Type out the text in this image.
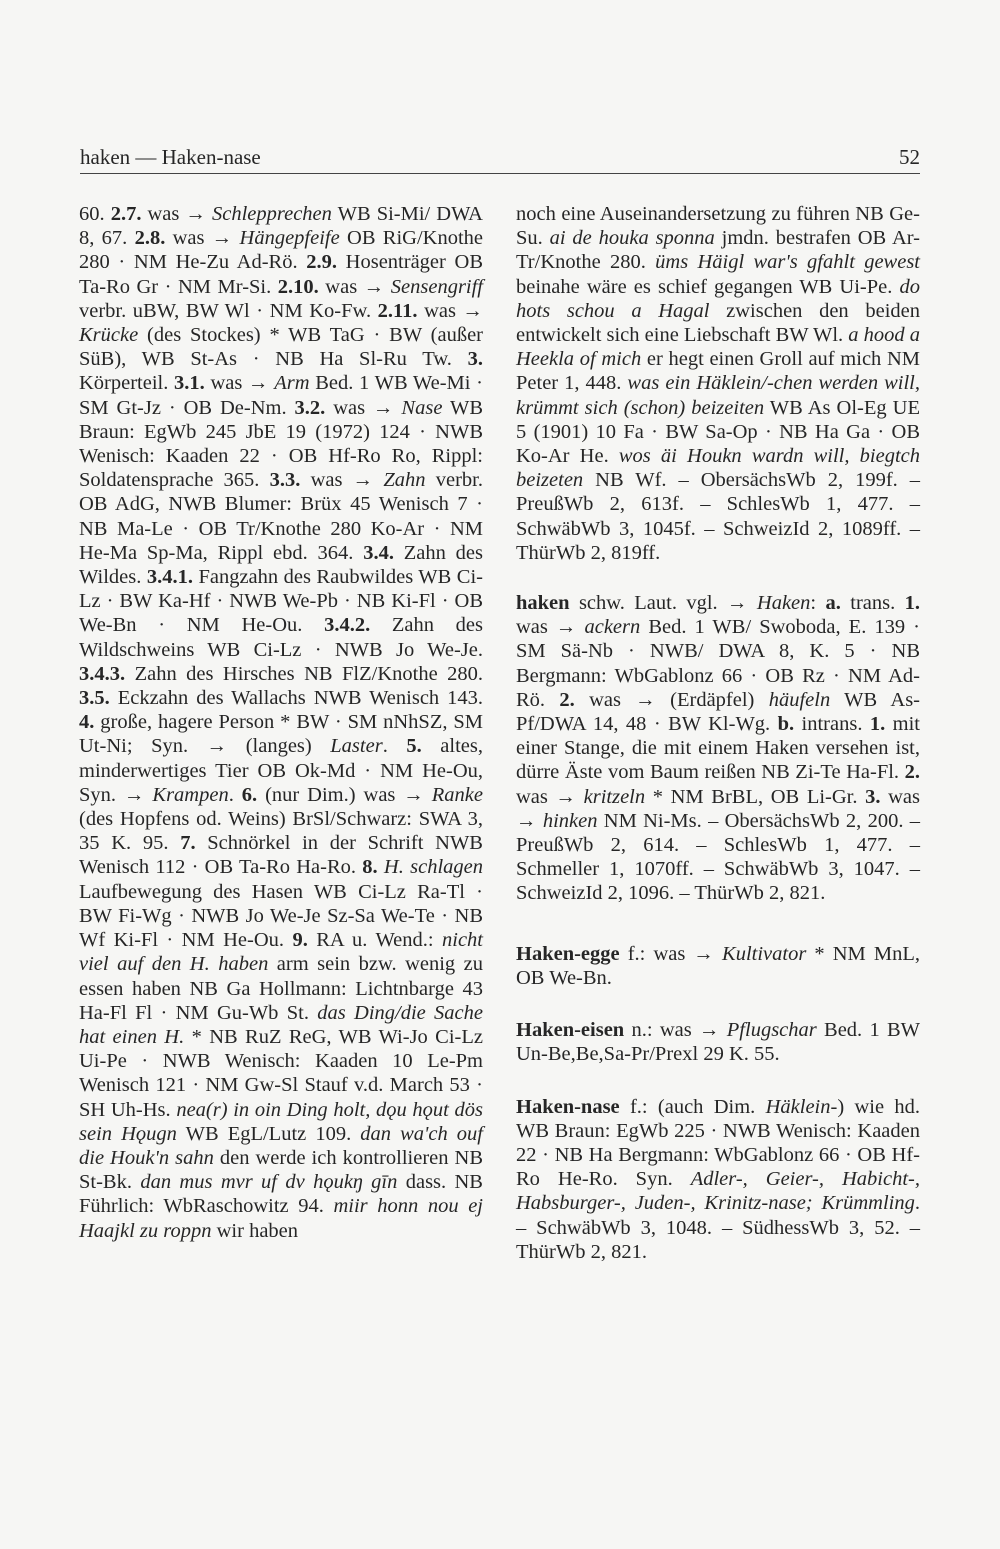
haken — Haken-nase	52

60. 2.7. was → Schlepprechen WB Si-Mi/ DWA 8, 67. 2.8. was → Hängepfeife OB RiG/Knothe 280 · NM He-Zu Ad-Rö. 2.9. Hosenträger OB Ta-Ro Gr · NM Mr-Si. 2.10. was → Sensengriff verbr. uBW, BW Wl · NM Ko-Fw. 2.11. was → Krücke (des Stockes) * WB TaG · BW (außer SüB), WB St-As · NB Ha Sl-Ru Tw. 3. Körperteil. 3.1. was → Arm Bed. 1 WB We-Mi · SM Gt-Jz · OB De-Nm. 3.2. was → Nase WB Braun: EgWb 245 JbE 19 (1972) 124 · NWB Wenisch: Kaaden 22 · OB Hf-Ro Ro, Rippl: Soldatensprache 365. 3.3. was → Zahn verbr. OB AdG, NWB Blumer: Brüx 45 Wenisch 7 · NB Ma-Le · OB Tr/Knothe 280 Ko-Ar · NM He-Ma Sp-Ma, Rippl ebd. 364. 3.4. Zahn des Wildes. 3.4.1. Fangzahn des Raubwildes WB Ci-Lz · BW Ka-Hf · NWB We-Pb · NB Ki-Fl · OB We-Bn · NM He-Ou. 3.4.2. Zahn des Wildschweins WB Ci-Lz · NWB Jo We-Je. 3.4.3. Zahn des Hirsches NB FlZ/Knothe 280. 3.5. Eckzahn des Wallachs NWB Wenisch 143. 4. große, hagere Person * BW · SM nNhSZ, SM Ut-Ni; Syn. → (langes) Laster. 5. altes, minderwertiges Tier OB Ok-Md · NM He-Ou, Syn. → Krampen. 6. (nur Dim.) was → Ranke (des Hopfens od. Weins) BrSl/Schwarz: SWA 3, 35 K. 95. 7. Schnörkel in der Schrift NWB Wenisch 112 · OB Ta-Ro Ha-Ro. 8. H. schlagen Laufbewegung des Hasen WB Ci-Lz Ra-Tl · BW Fi-Wg · NWB Jo We-Je Sz-Sa We-Te · NB Wf Ki-Fl · NM He-Ou. 9. RA u. Wend.: nicht viel auf den H. haben arm sein bzw. wenig zu essen haben NB Ga Hollmann: Lichtnbarge 43 Ha-Fl Fl · NM Gu-Wb St. das Ding/die Sache hat einen H. * NB RuZ ReG, WB Wi-Jo Ci-Lz Ui-Pe · NWB Wenisch: Kaaden 10 Le-Pm Wenisch 121 · NM Gw-Sl Stauf v.d. March 53 · SH Uh-Hs. nea(r) in oin Ding holt, dǫu hǫut dös sein Hǫugn WB EgL/Lutz 109. dan wa'ch ouf die Houk'n sahn den werde ich kontrollieren NB St-Bk. dan mus mvr uf dv hǫukŋ gīn dass. NB Führlich: WbRaschowitz 94. miir honn nou ej Haajkl zu roppn wir haben

noch eine Auseinandersetzung zu führen NB Ge-Su. ai de houka sponna jmdn. bestrafen OB Ar-Tr/Knothe 280. üms Häigl war's gfahlt gewest beinahe wäre es schief gegangen WB Ui-Pe. do hots schou a Hagal zwischen den beiden entwickelt sich eine Liebschaft BW Wl. a hood a Heekla of mich er hegt einen Groll auf mich NM Peter 1, 448. was ein Häklein/-chen werden will, krümmt sich (schon) beizeiten WB As Ol-Eg UE 5 (1901) 10 Fa · BW Sa-Op · NB Ha Ga · OB Ko-Ar He. wos äi Houkn wardn will, biegtch beizeten NB Wf. – ObersächsWb 2, 199f. – PreußWb 2, 613f. – SchlesWb 1, 477. – SchwäbWb 3, 1045f. – SchweizId 2, 1089ff. – ThürWb 2, 819ff.

haken schw. Laut. vgl. → Haken: a. trans. 1. was → ackern Bed. 1 WB/ Swoboda, E. 139 · SM Sä-Nb · NWB/ DWA 8, K. 5 · NB Bergmann: WbGablonz 66 · OB Rz · NM Ad-Rö. 2. was → (Erdäpfel) häufeln WB As-Pf/DWA 14, 48 · BW Kl-Wg. b. intrans. 1. mit einer Stange, die mit einem Haken versehen ist, dürre Äste vom Baum reißen NB Zi-Te Ha-Fl. 2. was → kritzeln * NM BrBL, OB Li-Gr. 3. was → hinken NM Ni-Ms. – ObersächsWb 2, 200. – PreußWb 2, 614. – SchlesWb 1, 477. – Schmeller 1, 1070ff. – SchwäbWb 3, 1047. – SchweizId 2, 1096. – ThürWb 2, 821.

Haken-egge f.: was → Kultivator * NM MnL, OB We-Bn.

Haken-eisen n.: was → Pflugschar Bed. 1 BW Un-Be,Be,Sa-Pr/Prexl 29 K. 55.

Haken-nase f.: (auch Dim. Häklein-) wie hd. WB Braun: EgWb 225 · NWB Wenisch: Kaaden 22 · NB Ha Bergmann: WbGablonz 66 · OB Hf-Ro He-Ro. Syn. Adler-, Geier-, Habicht-, Habsburger-, Juden-, Krinitz-nase; Krümmling. – SchwäbWb 3, 1048. – SüdhessWb 3, 52. – ThürWb 2, 821.
